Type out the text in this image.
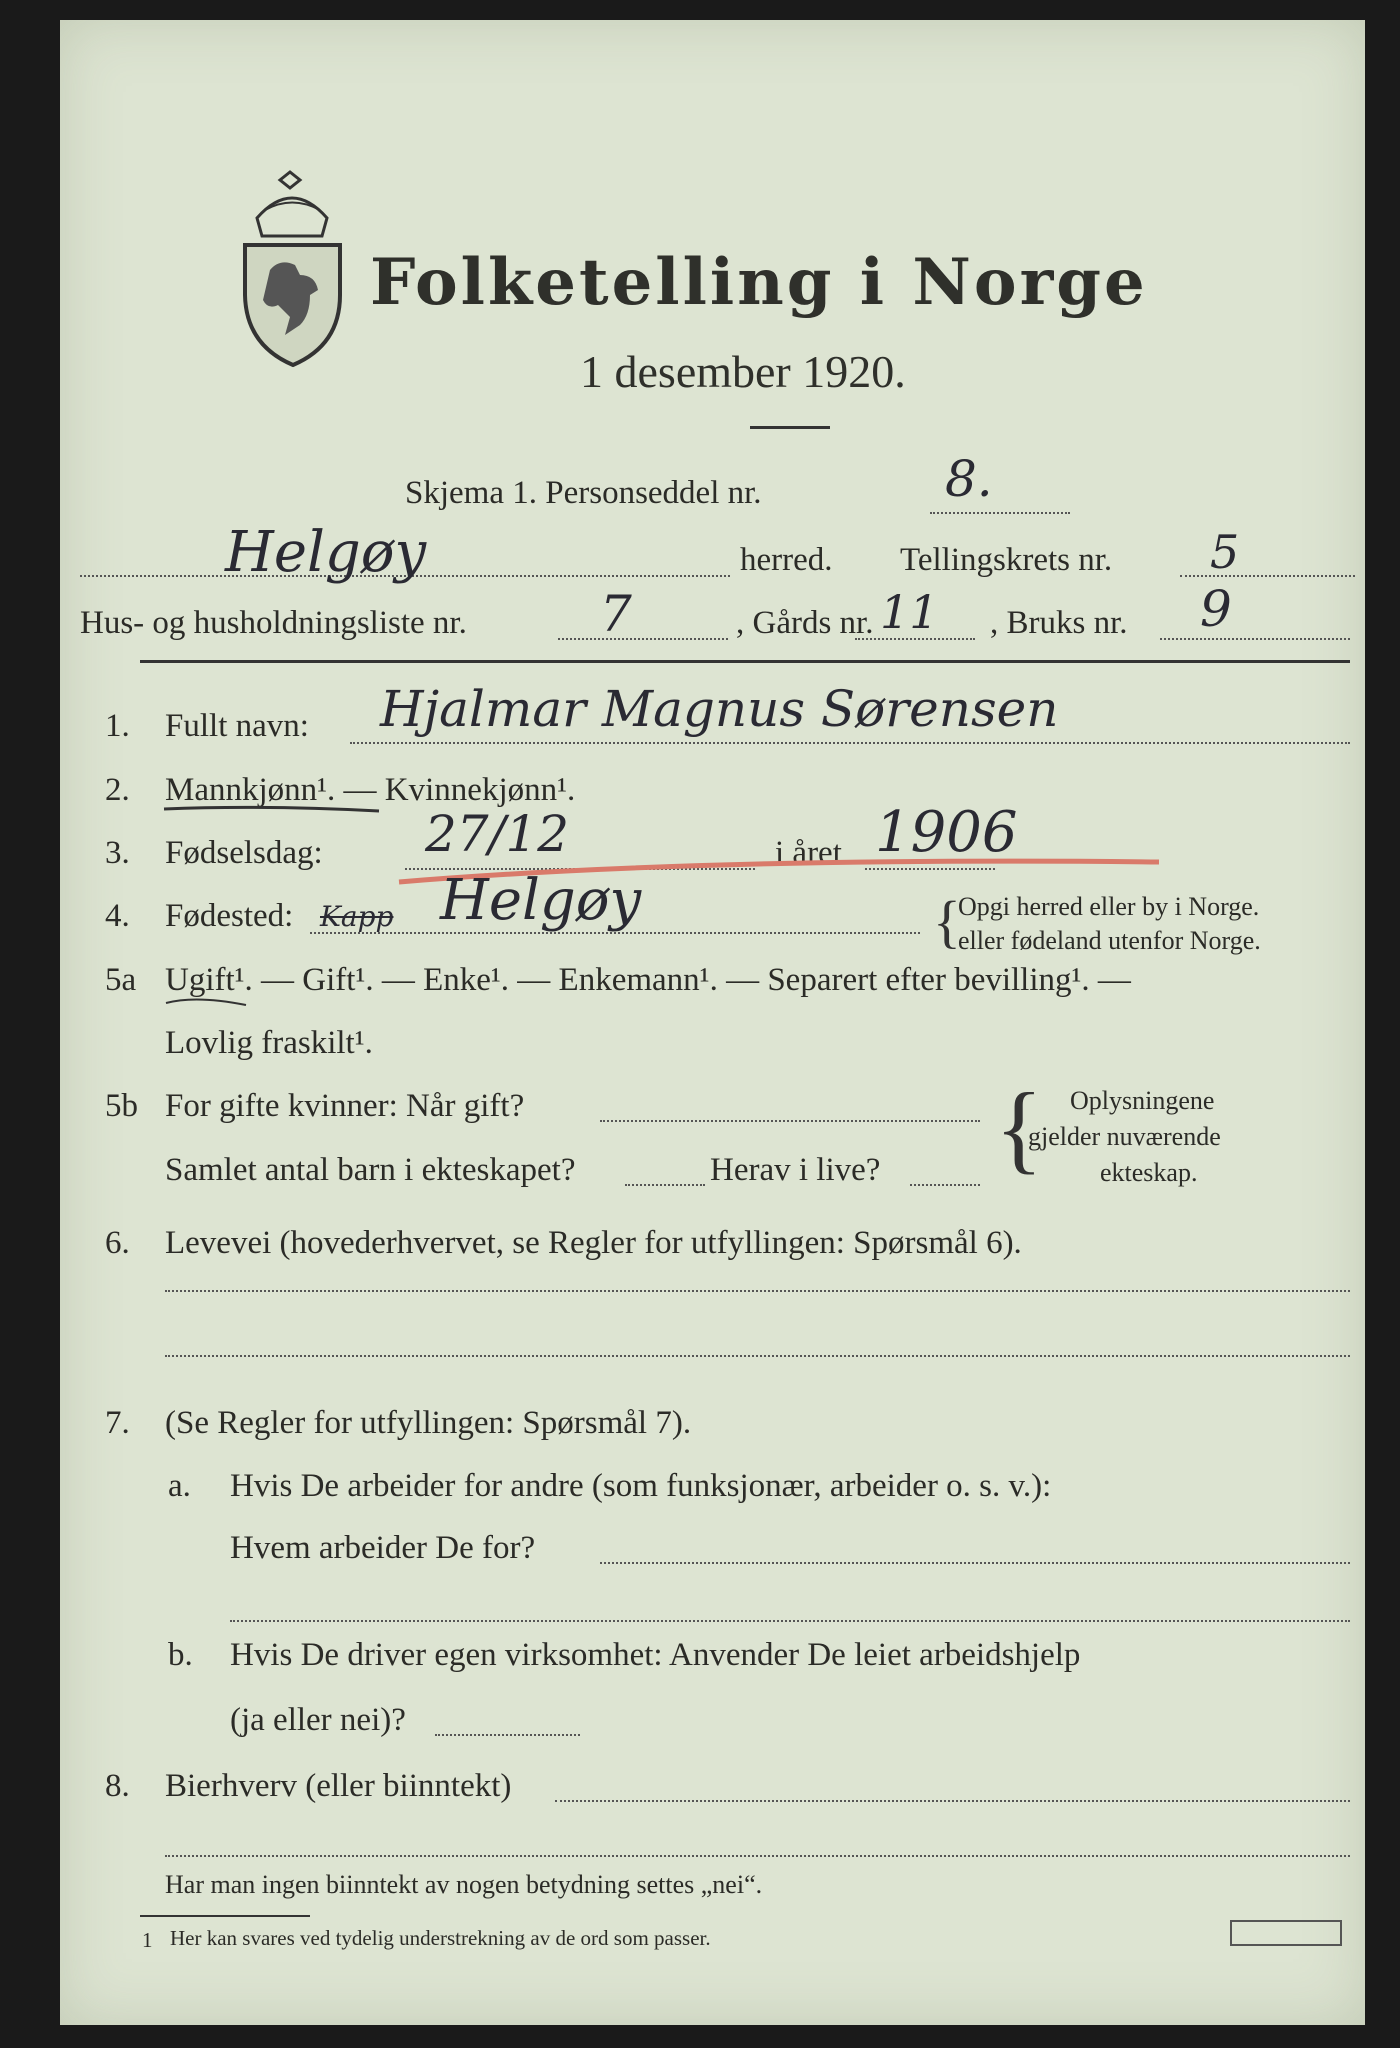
Folketelling i Norge
1 desember 1920.
Skjema 1. Personseddel nr.	8.
Helgøy	herred. Tellingskrets nr. 5
Hus- og husholdningsliste nr.	7	, Gårds nr. 11 , Bruks nr. 9
1. Fullt navn: Hjalmar Magnus Sørensen
2. Mannkjønn¹. — Kvinnekjønn¹.
3. Fødselsdag: 27/12	i året 1906
4. Fødested: Kapp Helgøy	{
Opgi herred eller by i Norge.
eller fødeland utenfor Norge.
5a Ugift¹. — Gift¹. — Enke¹. — Enkemann¹. — Separert efter bevilling¹. —
Lovlig fraskilt¹.
5b For gifte kvinner: Når gift?
Samlet antal barn i ekteskapet?	Herav i live? { Oplysningene
gjelder nuværende
ekteskap.
6. Levevei (hovederhvervet, se Regler for utfyllingen: Spørsmål 6).
7. (Se Regler for utfyllingen: Spørsmål 7).
a. Hvis De arbeider for andre (som funksjonær, arbeider o. s. v.):
Hvem arbeider De for?
b. Hvis De driver egen virksomhet: Anvender De leiet arbeidshjelp
(ja eller nei)?
8. Bierhverv (eller biinntekt)
Har man ingen biinntekt av nogen betydning settes „nei“.
1 Her kan svares ved tydelig understrekning av de ord som passer.
